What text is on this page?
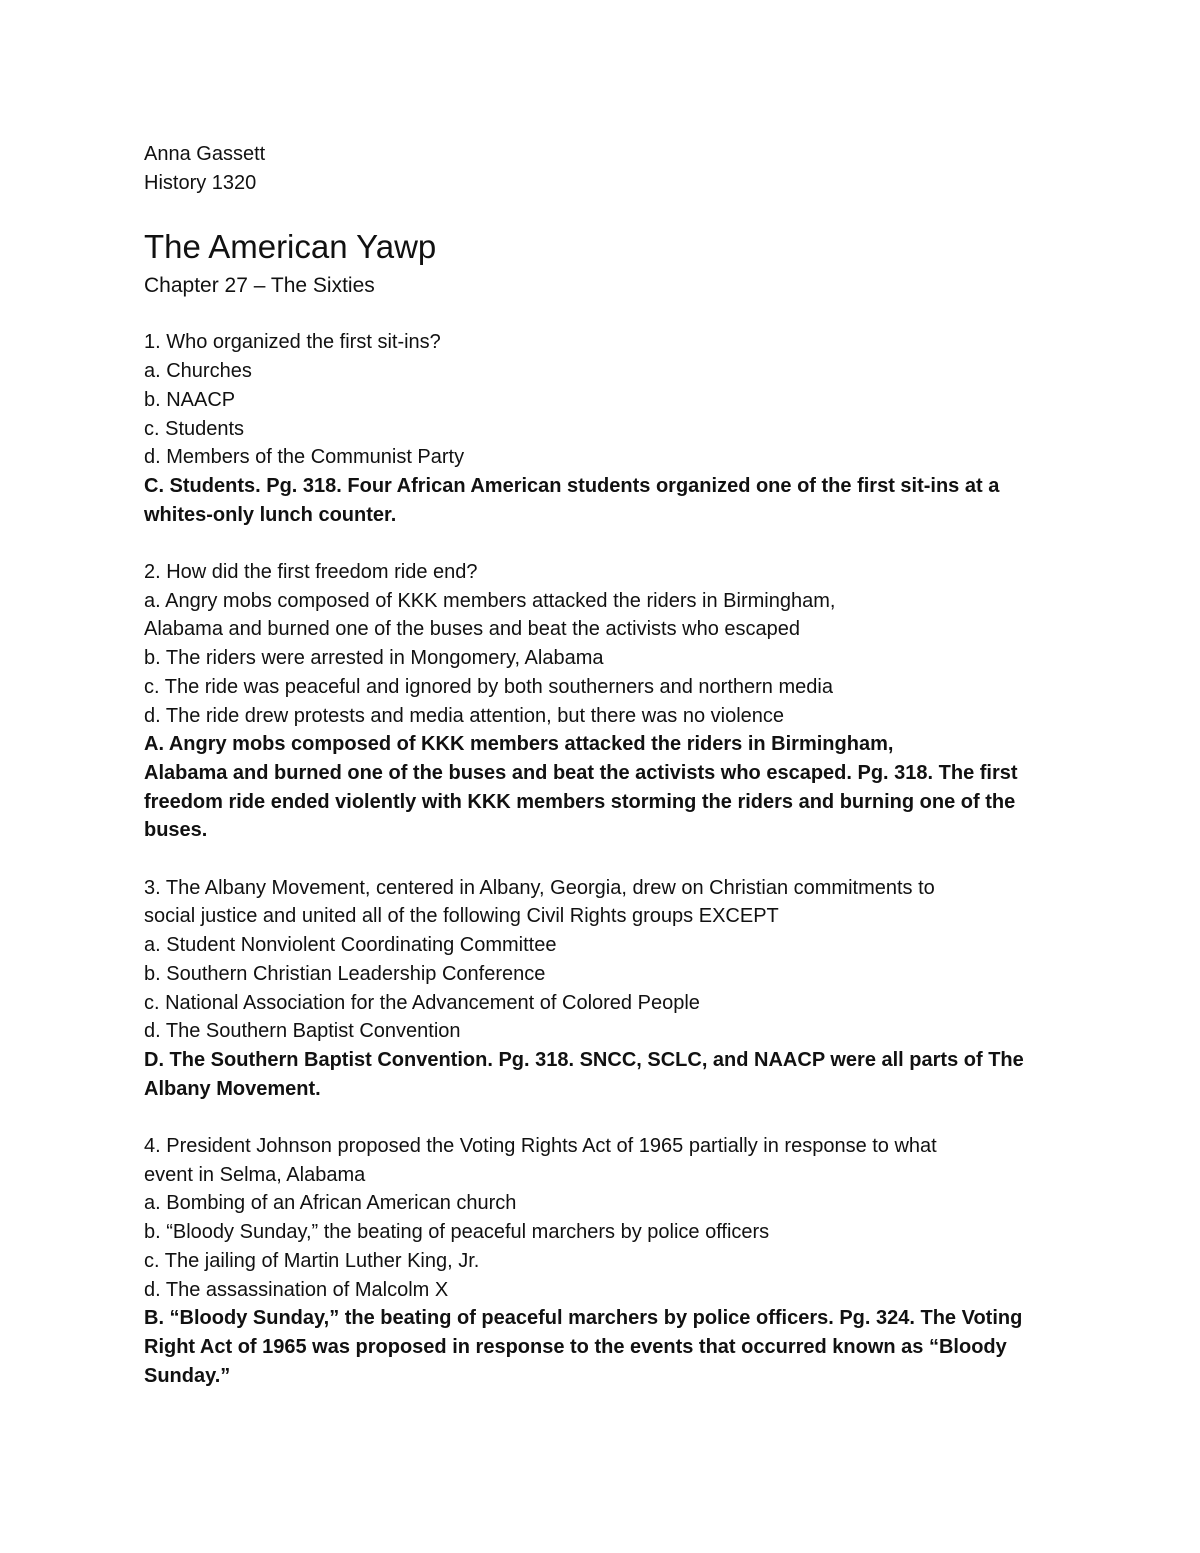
Anna Gassett
History 1320
The American Yawp
Chapter 27 – The Sixties
1. Who organized the first sit-ins?
a. Churches
b. NAACP
c. Students
d. Members of the Communist Party
C. Students. Pg. 318. Four African American students organized one of the first sit-ins at a
whites-only lunch counter.
2. How did the first freedom ride end?
a. Angry mobs composed of KKK members attacked the riders in Birmingham,
Alabama and burned one of the buses and beat the activists who escaped
b. The riders were arrested in Mongomery, Alabama
c. The ride was peaceful and ignored by both southerners and northern media
d. The ride drew protests and media attention, but there was no violence
A. Angry mobs composed of KKK members attacked the riders in Birmingham,
Alabama and burned one of the buses and beat the activists who escaped. Pg. 318. The first
freedom ride ended violently with KKK members storming the riders and burning one of the
buses.
3. The Albany Movement, centered in Albany, Georgia, drew on Christian commitments to
social justice and united all of the following Civil Rights groups EXCEPT
a. Student Nonviolent Coordinating Committee
b. Southern Christian Leadership Conference
c. National Association for the Advancement of Colored People
d. The Southern Baptist Convention
D. The Southern Baptist Convention. Pg. 318. SNCC, SCLC, and NAACP were all parts of The
Albany Movement.
4. President Johnson proposed the Voting Rights Act of 1965 partially in response to what
event in Selma, Alabama
a. Bombing of an African American church
b. “Bloody Sunday,” the beating of peaceful marchers by police officers
c. The jailing of Martin Luther King, Jr.
d. The assassination of Malcolm X
B. “Bloody Sunday,” the beating of peaceful marchers by police officers. Pg. 324. The Voting
Right Act of 1965 was proposed in response to the events that occurred known as “Bloody
Sunday.”
